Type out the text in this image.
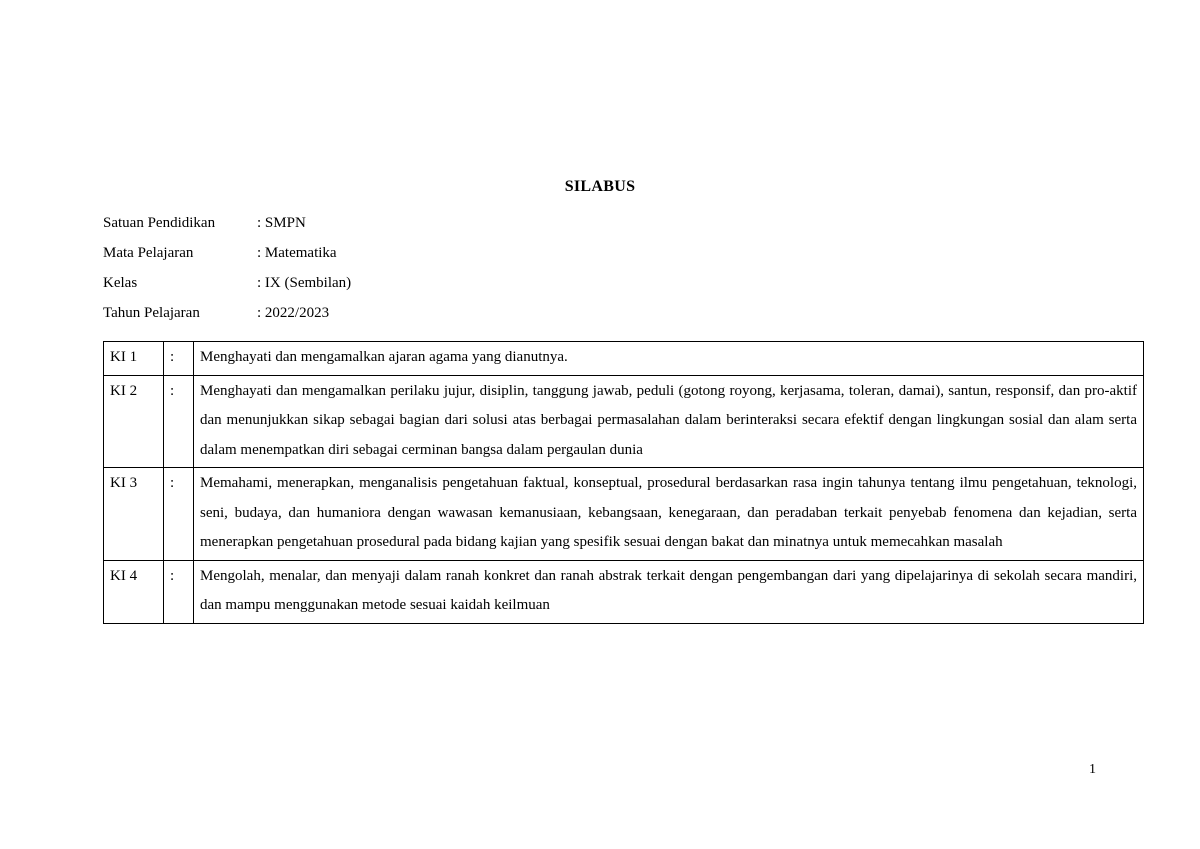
SILABUS
Satuan Pendidikan	: SMPN
Mata Pelajaran	: Matematika
Kelas	: IX (Sembilan)
Tahun Pelajaran	: 2022/2023
KI 1	:	Menghayati dan mengamalkan ajaran agama yang dianutnya.
KI 2	:	Menghayati dan mengamalkan perilaku jujur, disiplin, tanggung jawab, peduli (gotong royong, kerjasama, toleran, damai), santun, responsif, dan pro-aktif dan menunjukkan sikap sebagai bagian dari solusi atas berbagai permasalahan dalam berinteraksi secara efektif dengan lingkungan sosial dan alam serta dalam menempatkan diri sebagai cerminan bangsa dalam pergaulan dunia
KI 3	:	Memahami, menerapkan, menganalisis pengetahuan faktual, konseptual, prosedural berdasarkan rasa ingin tahunya tentang ilmu pengetahuan, teknologi, seni, budaya, dan humaniora dengan wawasan kemanusiaan, kebangsaan, kenegaraan, dan peradaban terkait penyebab fenomena dan kejadian, serta menerapkan pengetahuan prosedural pada bidang kajian yang spesifik sesuai dengan bakat dan minatnya untuk memecahkan masalah
KI 4	:	Mengolah, menalar, dan menyaji dalam ranah konkret dan ranah abstrak terkait dengan pengembangan dari yang dipelajarinya di sekolah secara mandiri, dan mampu menggunakan metode sesuai kaidah keilmuan
1
